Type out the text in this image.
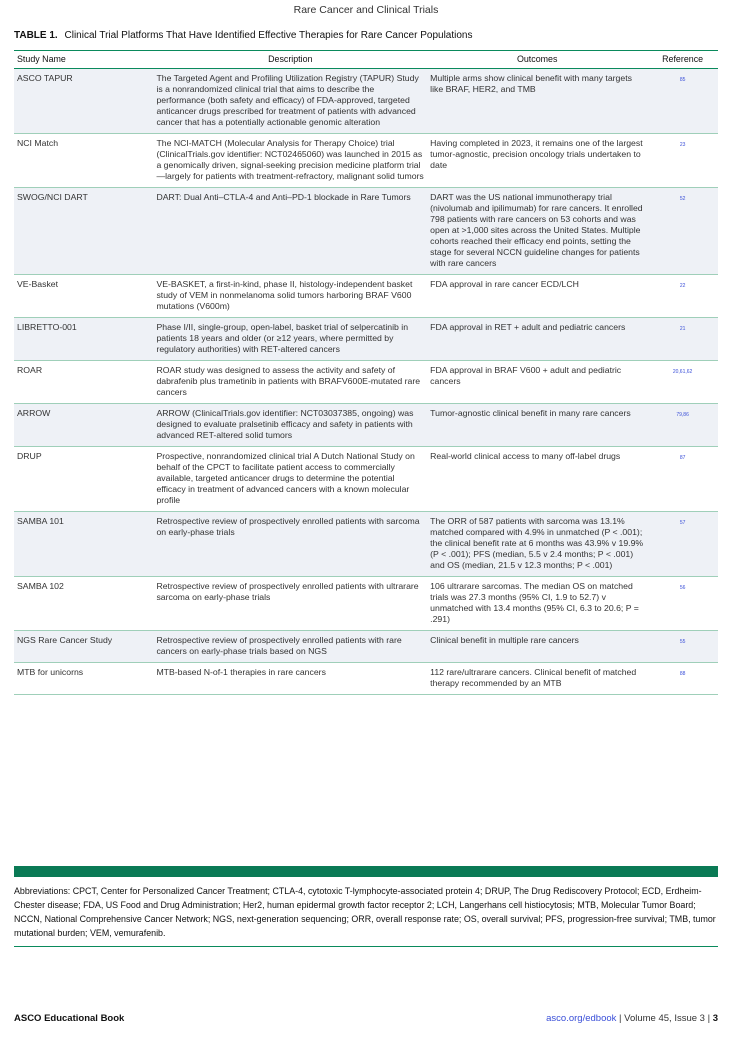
Rare Cancer and Clinical Trials
TABLE 1. Clinical Trial Platforms That Have Identified Effective Therapies for Rare Cancer Populations
Study Name	Description	Outcomes	Reference
ASCO TAPUR	The Targeted Agent and Profiling Utilization Registry (TAPUR) Study is a nonrandomized clinical trial that aims to describe the performance (both safety and efficacy) of FDA-approved, targeted anticancer drugs prescribed for treatment of patients with advanced cancer that has a potentially actionable genomic alteration	Multiple arms show clinical benefit with many targets like BRAF, HER2, and TMB	85
NCI Match	The NCI-MATCH (Molecular Analysis for Therapy Choice) trial (ClinicalTrials.gov identifier: NCT02465060) was launched in 2015 as a genomically driven, signal-seeking precision medicine platform trial—largely for patients with treatment-refractory, malignant solid tumors	Having completed in 2023, it remains one of the largest tumor-agnostic, precision oncology trials undertaken to date	23
SWOG/NCI DART	DART: Dual Anti–CTLA-4 and Anti–PD-1 blockade in Rare Tumors	DART was the US national immunotherapy trial (nivolumab and ipilimumab) for rare cancers. It enrolled 798 patients with rare cancers on 53 cohorts and was open at >1,000 sites across the United States. Multiple cohorts reached their efficacy end points, setting the stage for several NCCN guideline changes for patients with rare cancers	52
VE-Basket	VE-BASKET, a first-in-kind, phase II, histology-independent basket study of VEM in nonmelanoma solid tumors harboring BRAF V600 mutations (V600m)	FDA approval in rare cancer ECD/LCH	22
LIBRETTO-001	Phase I/II, single-group, open-label, basket trial of selpercatinib in patients 18 years and older (or ≥12 years, where permitted by regulatory authorities) with RET-altered cancers	FDA approval in RET + adult and pediatric cancers	21
ROAR	ROAR study was designed to assess the activity and safety of dabrafenib plus trametinib in patients with BRAFV600E-mutated rare cancers	FDA approval in BRAF V600 + adult and pediatric cancers	20,61,62
ARROW	ARROW (ClinicalTrials.gov identifier: NCT03037385, ongoing) was designed to evaluate pralsetinib efficacy and safety in patients with advanced RET-altered solid tumors	Tumor-agnostic clinical benefit in many rare cancers	79,86
DRUP	Prospective, nonrandomized clinical trial A Dutch National Study on behalf of the CPCT to facilitate patient access to commercially available, targeted anticancer drugs to determine the potential efficacy in treatment of advanced cancers with a known molecular profile	Real-world clinical access to many off-label drugs	87
SAMBA 101	Retrospective review of prospectively enrolled patients with sarcoma on early-phase trials	The ORR of 587 patients with sarcoma was 13.1% matched compared with 4.9% in unmatched (P < .001); the clinical benefit rate at 6 months was 43.9% v 19.9% (P < .001); PFS (median, 5.5 v 2.4 months; P < .001) and OS (median, 21.5 v 12.3 months; P < .001)	57
SAMBA 102	Retrospective review of prospectively enrolled patients with ultrarare sarcoma on early-phase trials	106 ultrarare sarcomas. The median OS on matched trials was 27.3 months (95% CI, 1.9 to 52.7) v unmatched with 13.4 months (95% CI, 6.3 to 20.6; P = .291)	56
NGS Rare Cancer Study	Retrospective review of prospectively enrolled patients with rare cancers on early-phase trials based on NGS	Clinical benefit in multiple rare cancers	55
MTB for unicorns	MTB-based N-of-1 therapies in rare cancers	112 rare/ultrarare cancers. Clinical benefit of matched therapy recommended by an MTB	88
Abbreviations: CPCT, Center for Personalized Cancer Treatment; CTLA-4, cytotoxic T-lymphocyte-associated protein 4; DRUP, The Drug Rediscovery Protocol; ECD, Erdheim-Chester disease; FDA, US Food and Drug Administration; Her2, human epidermal growth factor receptor 2; LCH, Langerhans cell histiocytosis; MTB, Molecular Tumor Board; NCCN, National Comprehensive Cancer Network; NGS, next-generation sequencing; ORR, overall response rate; OS, overall survival; PFS, progression-free survival; TMB, tumor mutational burden; VEM, vemurafenib.
ASCO Educational Book	asco.org/edbook | Volume 45, Issue 3 | 3
